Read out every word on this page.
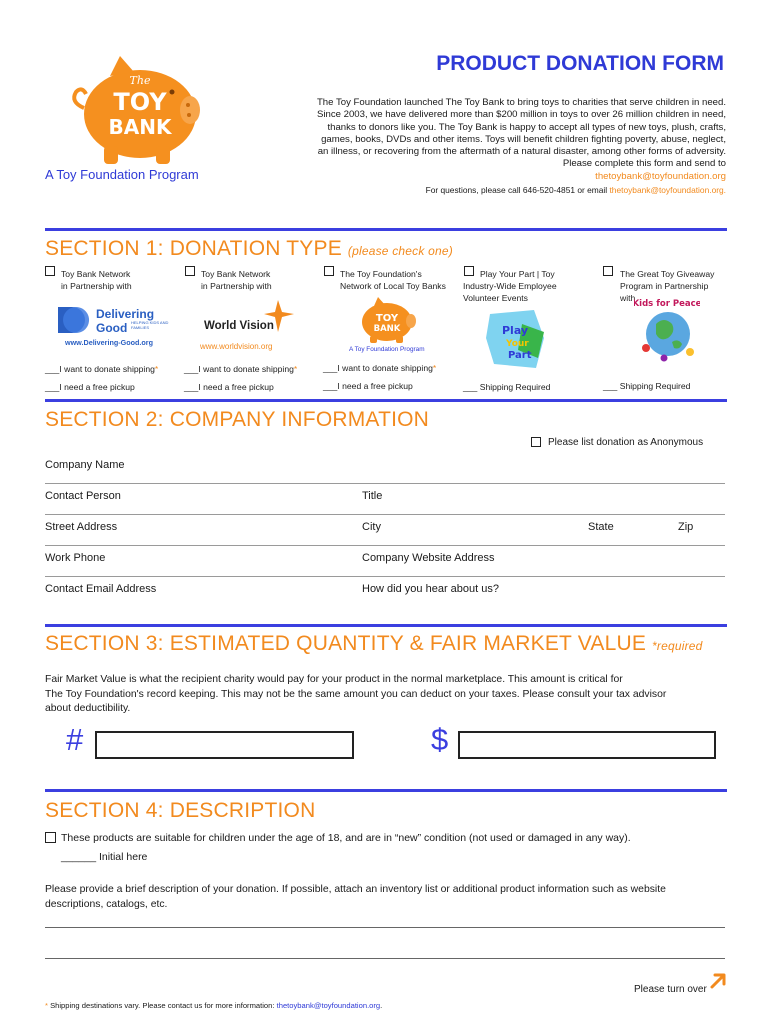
The
TOY
BANK
A Toy Foundation Program
PRODUCT DONATION FORM
The Toy Foundation launched The Toy Bank to bring toys to charities that serve children in need.
Since 2003, we have delivered more than $200 million in toys to over 26 million children in need,
thanks to donors like you. The Toy Bank is happy to accept all types of new toys, plush, crafts,
games, books, DVDs and other items. Toys will benefit children fighting poverty, abuse, neglect,
an illness, or recovering from the aftermath of a natural disaster, among other forms of adversity.
Please complete this form and send to
thetoybank@toyfoundation.org
For questions, please call 646-520-4851 or email thetoybank@toyfoundation.org.
SECTION 1: DONATION TYPE (please check one)
Toy Bank Network
in Partnership with
Delivering
Good HELPING KIDS AND FAMILIES
www.Delivering-Good.org
___I want to donate shipping*
___I need a free pickup
Toy Bank Network
in Partnership with
World Vision
www.worldvision.org
___I want to donate shipping*
___I need a free pickup
The Toy Foundation's
Network of Local Toy Banks
TOY
BANK
A Toy Foundation Program
___I want to donate shipping*
___I need a free pickup
Play Your Part | Toy
Industry-Wide Employee
Volunteer Events
Play
Your
Part
___ Shipping Required
The Great Toy Giveaway
Program in Partnership
with
Kids for Peace
___ Shipping Required
SECTION 2: COMPANY INFORMATION
Please list donation as Anonymous
Company Name
Contact Person	Title
Street Address	City	State	Zip
Work Phone	Company Website Address
Contact Email Address	How did you hear about us?
SECTION 3: ESTIMATED QUANTITY & FAIR MARKET VALUE *required
Fair Market Value is what the recipient charity would pay for your product in the normal marketplace. This amount is critical for
The Toy Foundation's record keeping. This may not be the same amount you can deduct on your taxes. Please consult your tax advisor
about deductibility.
#	$
SECTION 4: DESCRIPTION
These products are suitable for children under the age of 18, and are in “new” condition (not used or damaged in any way).
______ Initial here
Please provide a brief description of your donation. If possible, attach an inventory list or additional product information such as website
descriptions, catalogs, etc.
Please turn over
* Shipping destinations vary. Please contact us for more information: thetoybank@toyfoundation.org.
